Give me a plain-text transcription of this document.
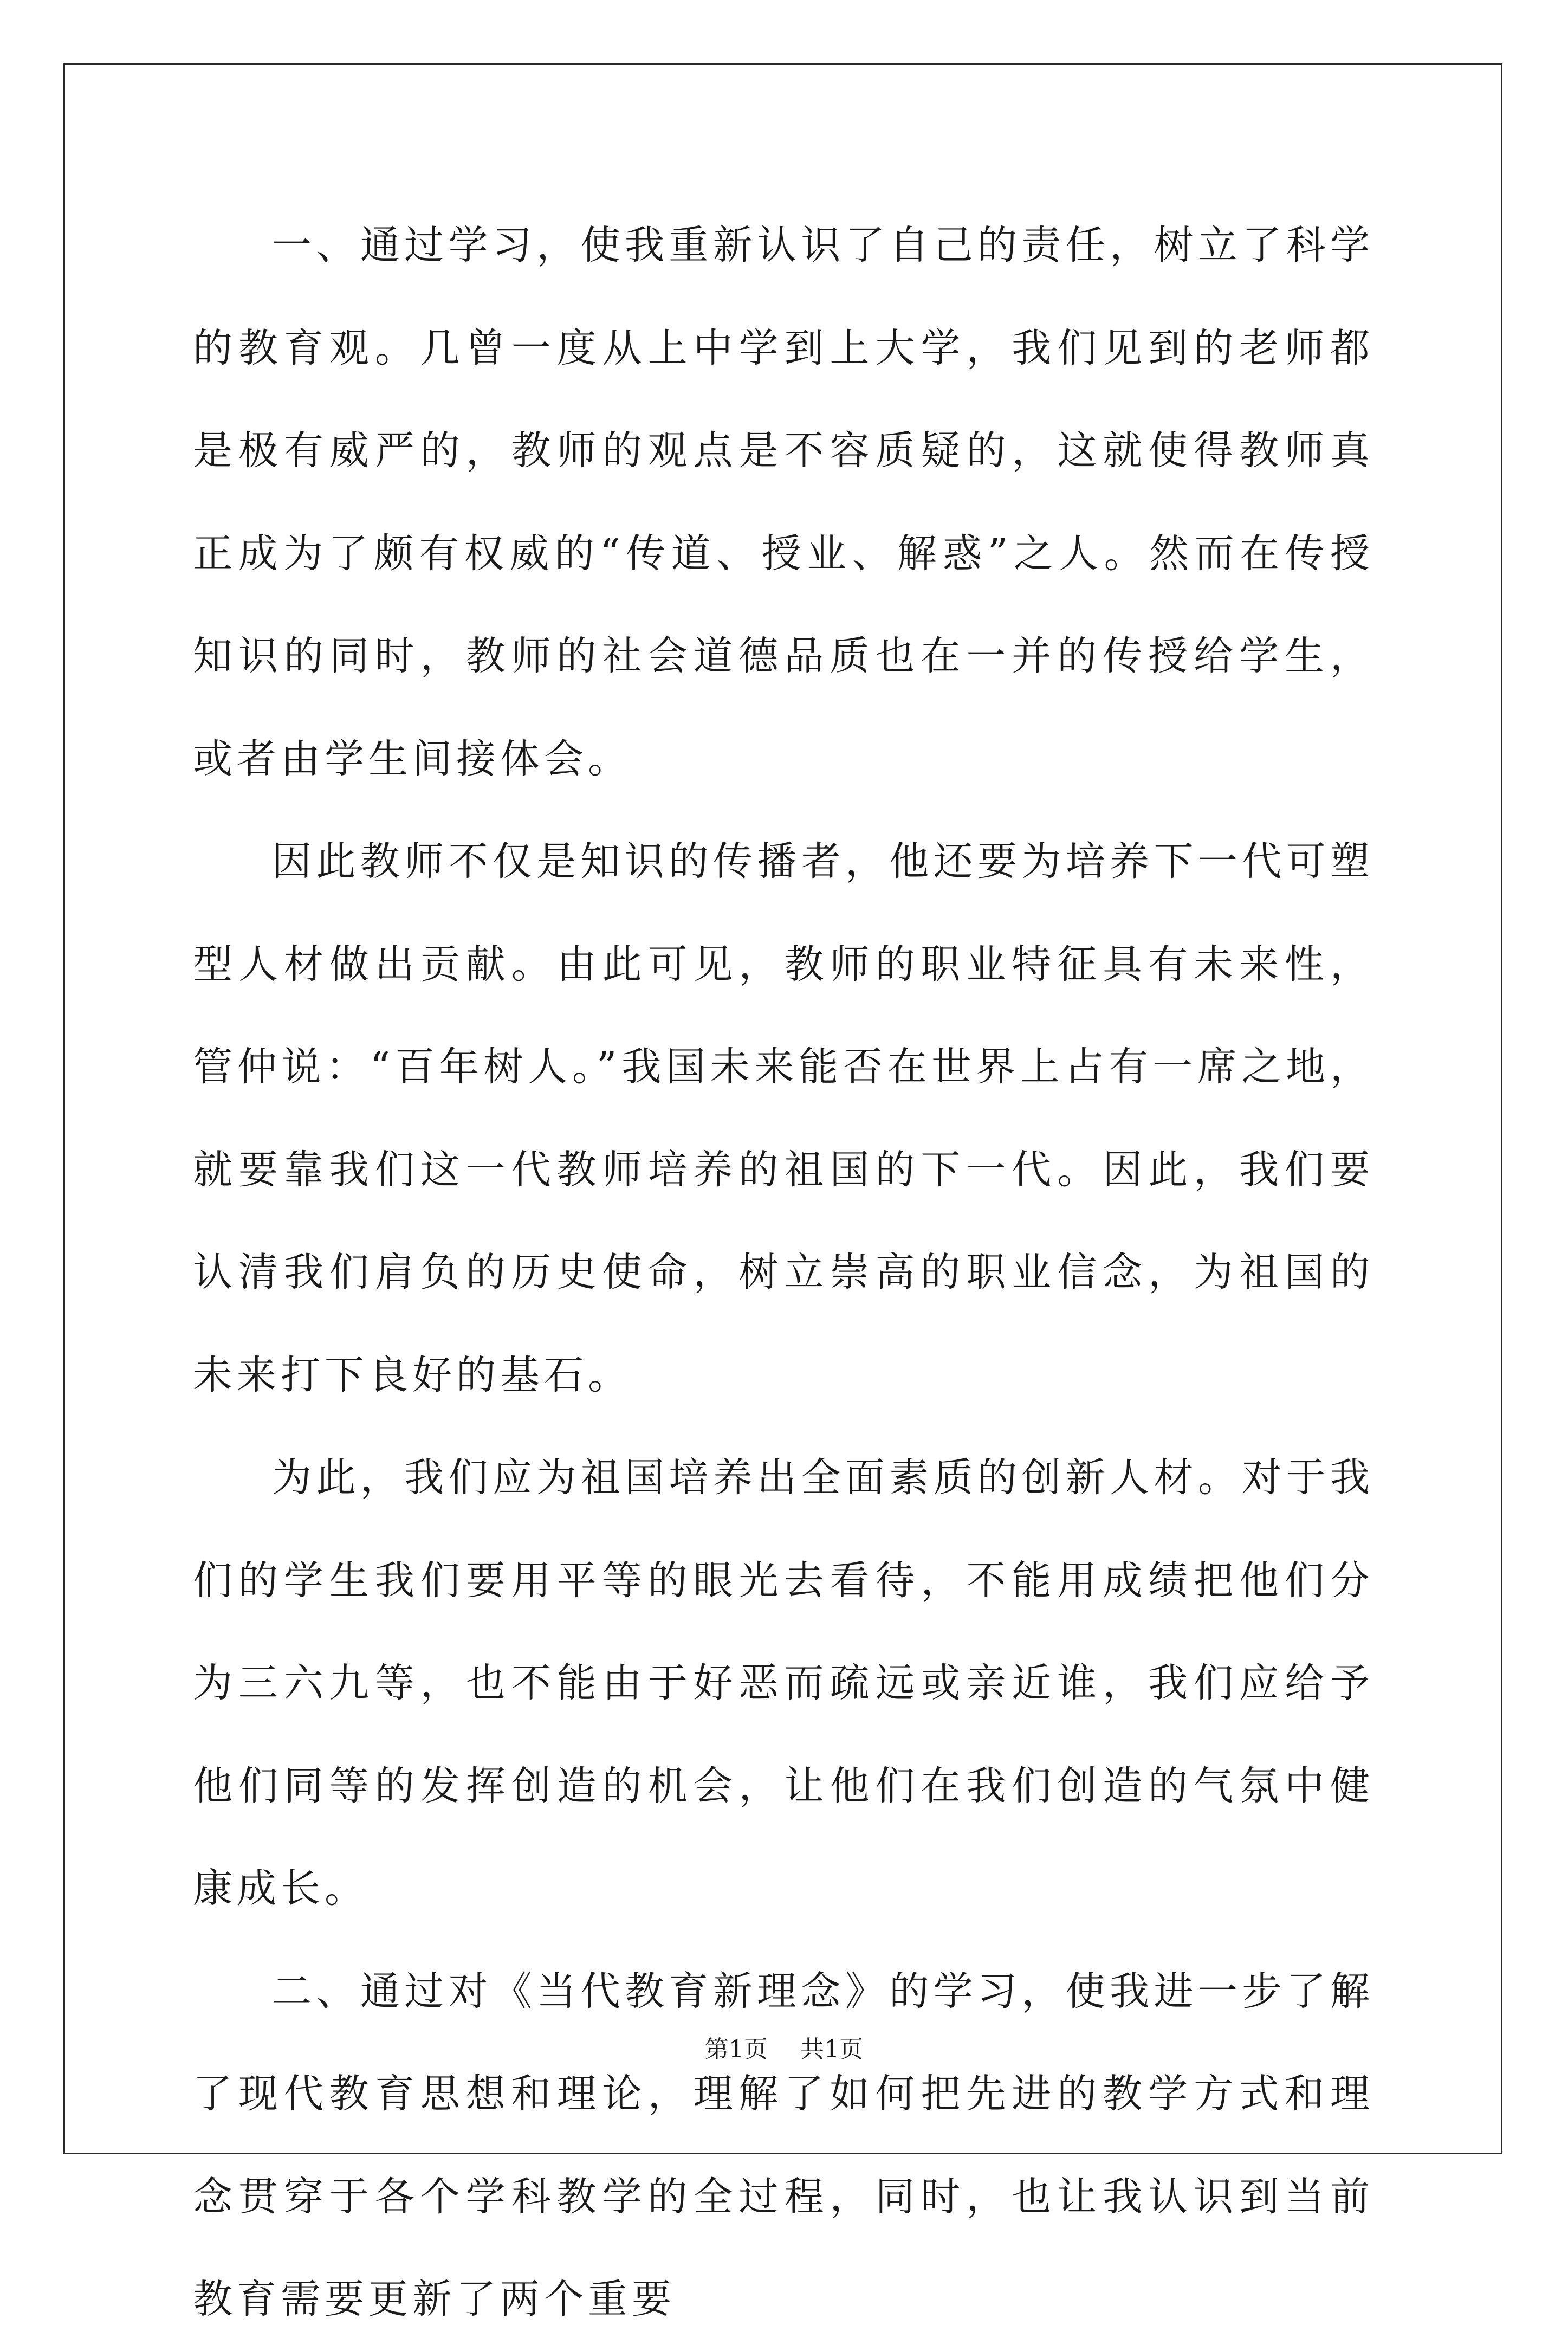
一、通过学习，使我重新认识了自己的责任，树立了科学的教育观。几曾一度从上中学到上大学，我们见到的老师都是极有威严的，教师的观点是不容质疑的，这就使得教师真正成为了颇有权威的“传道、授业、解惑”之人。然而在传授知识的同时，教师的社会道德品质也在一并的传授给学生，或者由学生间接体会。

因此教师不仅是知识的传播者，他还要为培养下一代可塑型人材做出贡献。由此可见，教师的职业特征具有未来性，管仲说：“百年树人。”我国未来能否在世界上占有一席之地，就要靠我们这一代教师培养的祖国的下一代。因此，我们要认清我们肩负的历史使命，树立崇高的职业信念，为祖国的未来打下良好的基石。

为此，我们应为祖国培养出全面素质的创新人材。对于我们的学生我们要用平等的眼光去看待，不能用成绩把他们分为三六九等，也不能由于好恶而疏远或亲近谁，我们应给予他们同等的发挥创造的机会，让他们在我们创造的气氛中健康成长。

二、通过对《当代教育新理念》的学习，使我进一步了解了现代教育思想和理论，理解了如何把先进的教学方式和理念贯穿于各个学科教学的全过程，同时，也让我认识到当前教育需要更新了两个重要

第1页 共1页
